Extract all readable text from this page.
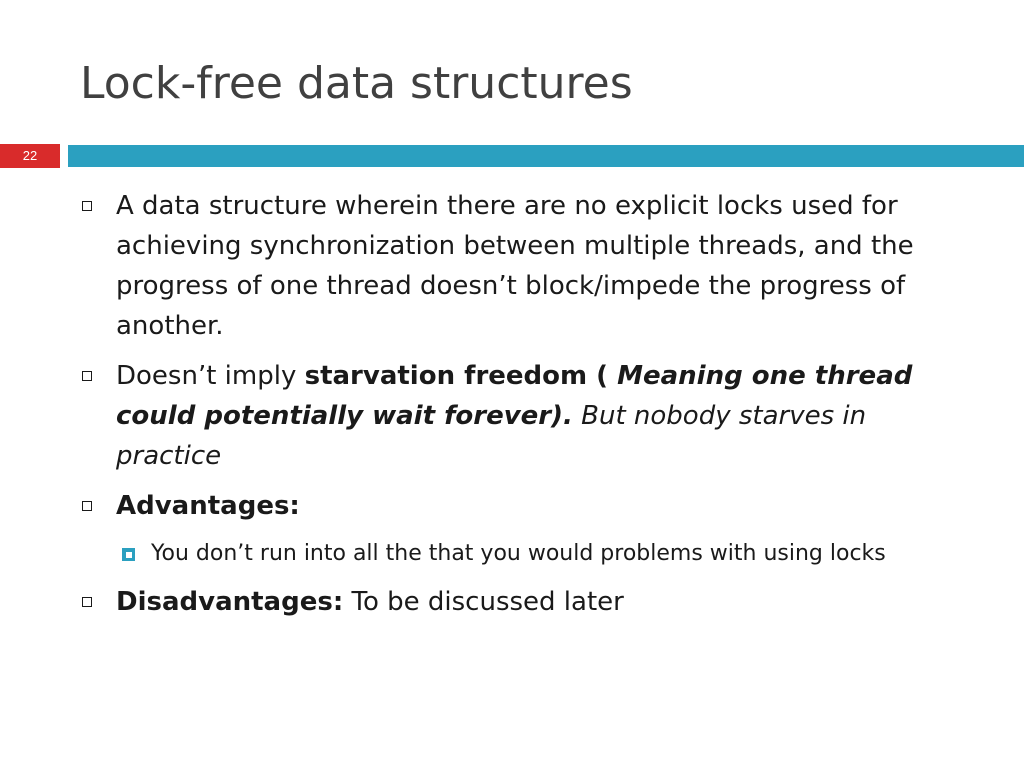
Lock-free data structures
22
A data structure wherein there are no explicit locks used for achieving synchronization between multiple threads, and the progress of one thread doesn’t block/impede the progress of another.
Doesn’t imply starvation freedom ( Meaning one thread could potentially wait forever). But nobody starves in practice
Advantages:
You don’t run into all the that you would problems with using locks
Disadvantages: To be discussed later
